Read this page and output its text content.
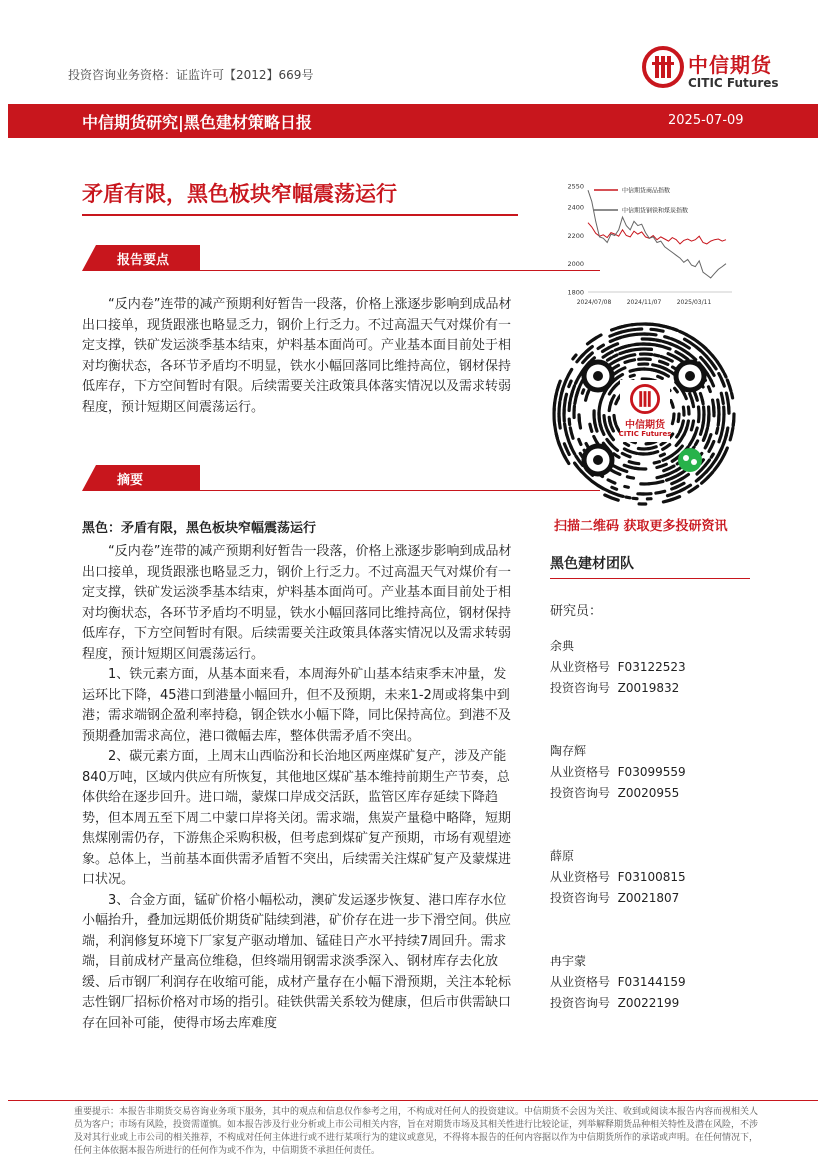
投资咨询业务资格：证监许可【2012】669号	中信期货
CITIC Futures
中信期货研究|黑色建材策略日报	2025-07-09
矛盾有限，黑色板块窄幅震荡运行
报告要点

“反内卷”连带的减产预期利好暂告一段落，价格上涨逐步影响到成品材出口接单，现货跟涨也略显乏力，钢价上行乏力。不过高温天气对煤价有一定支撑，铁矿发运淡季基本结束，炉料基本面尚可。产业基本面目前处于相对均衡状态，各环节矛盾均不明显，铁水小幅回落同比维持高位，钢材保持低库存，下方空间暂时有限。后续需要关注政策具体落实情况以及需求转弱程度，预计短期区间震荡运行。

摘要
黑色：矛盾有限，黑色板块窄幅震荡运行

“反内卷”连带的减产预期利好暂告一段落，价格上涨逐步影响到成品材出口接单，现货跟涨也略显乏力，钢价上行乏力。不过高温天气对煤价有一定支撑，铁矿发运淡季基本结束，炉料基本面尚可。产业基本面目前处于相对均衡状态，各环节矛盾均不明显，铁水小幅回落同比维持高位，钢材保持低库存，下方空间暂时有限。后续需要关注政策具体落实情况以及需求转弱程度，预计短期区间震荡运行。

1、铁元素方面，从基本面来看，本周海外矿山基本结束季末冲量，发运环比下降，45港口到港量小幅回升，但不及预期，未来1-2周或将集中到港；需求端钢企盈利率持稳，钢企铁水小幅下降，同比保持高位。到港不及预期叠加需求高位，港口微幅去库，整体供需矛盾不突出。

2、碳元素方面，上周末山西临汾和长治地区两座煤矿复产，涉及产能840万吨，区域内供应有所恢复，其他地区煤矿基本维持前期生产节奏，总体供给在逐步回升。进口端，蒙煤口岸成交活跃，监管区库存延续下降趋势，但本周五至下周二中蒙口岸将关闭。需求端，焦炭产量稳中略降，短期焦煤刚需仍存，下游焦企采购积极，但考虑到煤矿复产预期，市场有观望迹象。总体上，当前基本面供需矛盾暂不突出，后续需关注煤矿复产及蒙煤进口状况。

3、合金方面，锰矿价格小幅松动，澳矿发运逐步恢复、港口库存水位小幅抬升，叠加远期低价期货矿陆续到港，矿价存在进一步下滑空间。供应端，利润修复环境下厂家复产驱动增加、锰硅日产水平持续7周回升。需求端，目前成材产量高位维稳，但终端用钢需求淡季深入、钢材库存去化放缓、后市钢厂利润存在收缩可能，成材产量存在小幅下滑预期，关注本轮标志性钢厂招标价格对市场的指引。硅铁供需关系较为健康，但后市供需缺口存在回补可能，使得市场去库难度

1800
2000
2200
2400
2550
2024/07/08	2024/11/07	2025/03/11
中信期货商品指数
中信期货钢铁和煤炭指数
中信期货
CITIC Futures
扫描二维码 获取更多投研资讯
黑色建材团队
研究员：
余典
从业资格号 F03122523
投资咨询号 Z0019832
陶存辉
从业资格号 F03099559
投资咨询号 Z0020955
薛原
从业资格号 F03100815
投资咨询号 Z0021807
冉宇蒙
从业资格号 F03144159
投资咨询号 Z0022199

重要提示：本报告非期货交易咨询业务项下服务，其中的观点和信息仅作参考之用，不构成对任何人的投资建议。中信期货不会因为关注、收到或阅读本报告内容而视相关人员为客户；市场有风险，投资需谨慎。如本报告涉及行业分析或上市公司相关内容，旨在对期货市场及其相关性进行比较论证，列举解释期货品种相关特性及潜在风险，不涉及对其行业或上市公司的相关推荐，不构成对任何主体进行或不进行某项行为的建议或意见，不得将本报告的任何内容据以作为中信期货所作的承诺或声明。在任何情况下，任何主体依据本报告所进行的任何作为或不作为，中信期货不承担任何责任。
